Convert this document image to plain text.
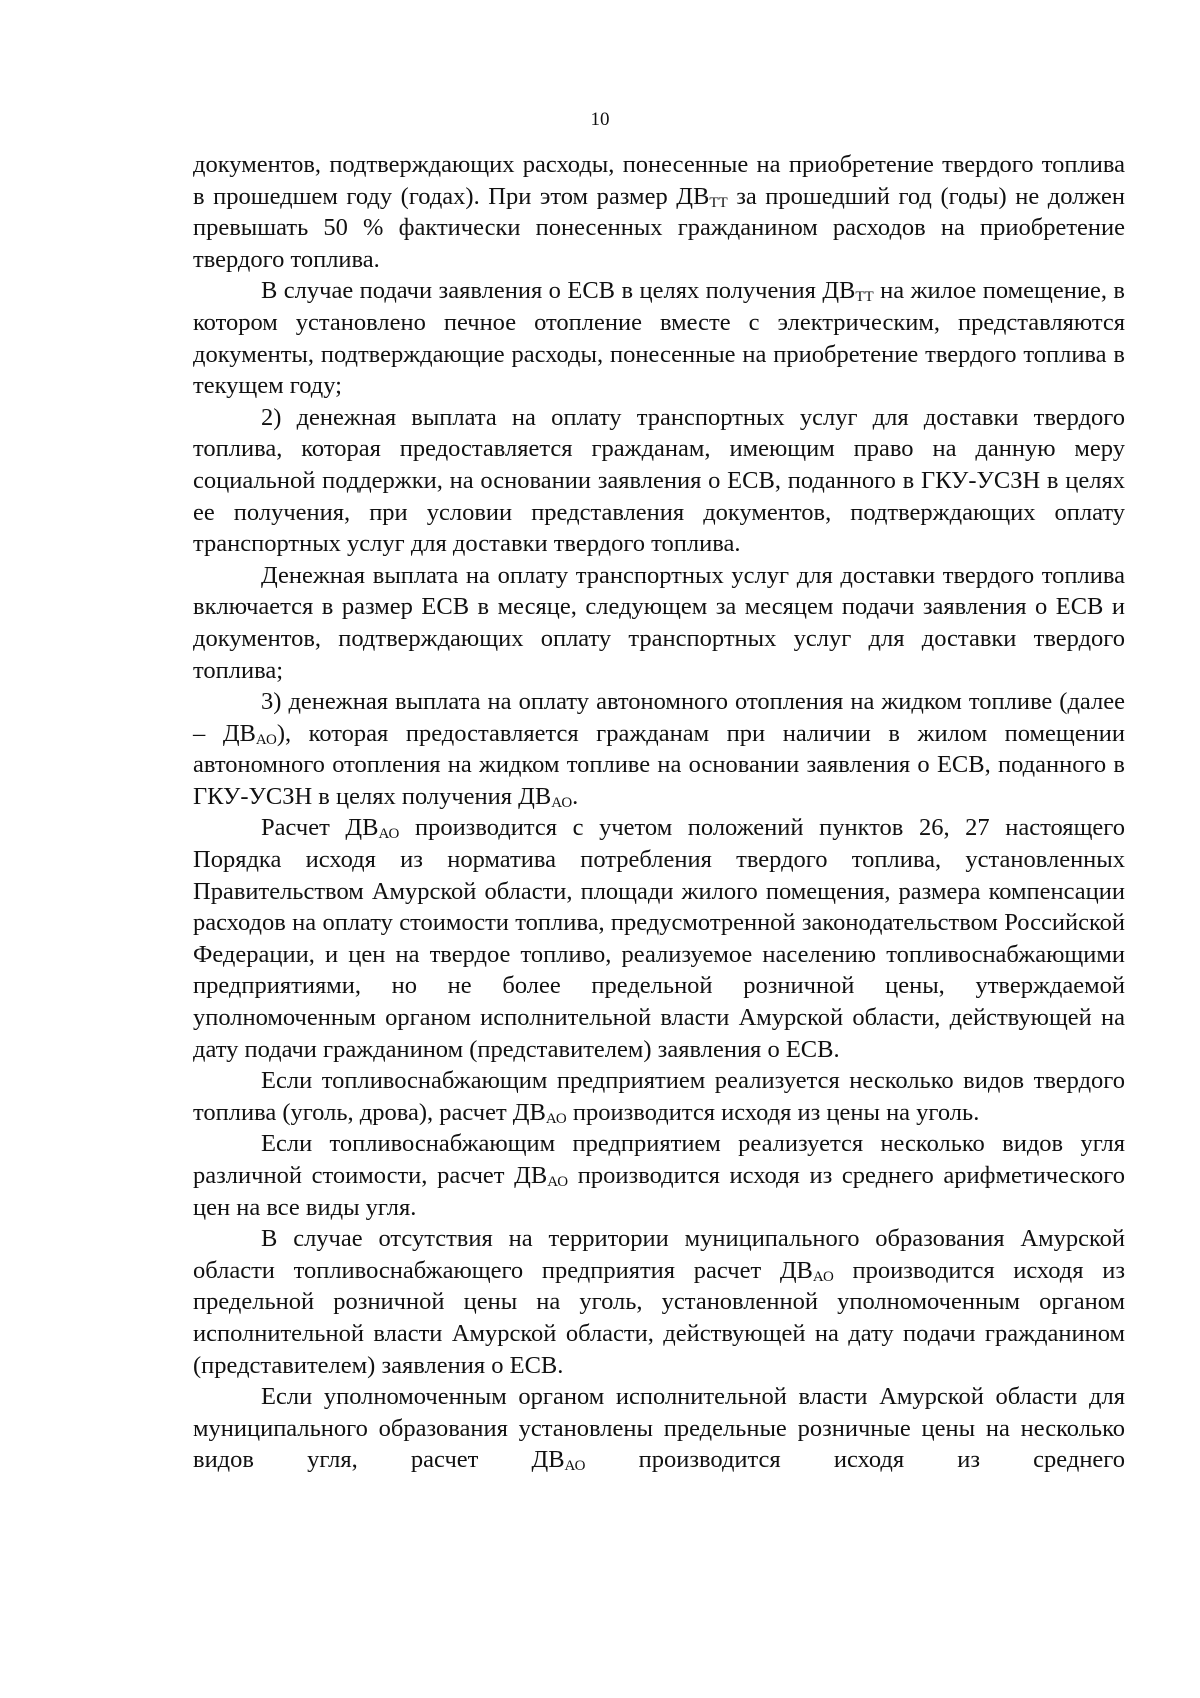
10

документов, подтверждающих расходы, понесенные на приобретение твердого топлива в прошедшем году (годах). При этом размер $ДВ_{ТТ}$ за прошедший год (годы) не должен превышать 50 % фактически понесенных гражданином расходов на приобретение твердого топлива.

В случае подачи заявления о ЕСВ в целях получения $ДВ_{ТТ}$ на жилое помещение, в котором установлено печное отопление вместе с электрическим, представляются документы, подтверждающие расходы, понесенные на приобретение твердого топлива в текущем году;

2) денежная выплата на оплату транспортных услуг для доставки твердого топлива, которая предоставляется гражданам, имеющим право на данную меру социальной поддержки, на основании заявления о ЕСВ, поданного в ГКУ-УСЗН в целях ее получения, при условии представления документов, подтверждающих оплату транспортных услуг для доставки твердого топлива.

Денежная выплата на оплату транспортных услуг для доставки твердого топлива включается в размер ЕСВ в месяце, следующем за месяцем подачи заявления о ЕСВ и документов, подтверждающих оплату транспортных услуг для доставки твердого топлива;

3) денежная выплата на оплату автономного отопления на жидком топливе (далее – $ДВ_{АО}$), которая предоставляется гражданам при наличии в жилом помещении автономного отопления на жидком топливе на основании заявления о ЕСВ, поданного в ГКУ-УСЗН в целях получения $ДВ_{АО}$.

Расчет $ДВ_{АО}$ производится с учетом положений пунктов 26, 27 настоящего Порядка исходя из норматива потребления твердого топлива, установленных Правительством Амурской области, площади жилого помещения, размера компенсации расходов на оплату стоимости топлива, предусмотренной законодательством Российской Федерации, и цен на твердое топливо, реализуемое населению топливоснабжающими предприятиями, но не более предельной розничной цены, утверждаемой уполномоченным органом исполнительной власти Амурской области, действующей на дату подачи гражданином (представителем) заявления о ЕСВ.

Если топливоснабжающим предприятием реализуется несколько видов твердого топлива (уголь, дрова), расчет $ДВ_{АО}$ производится исходя из цены на уголь.

Если топливоснабжающим предприятием реализуется несколько видов угля различной стоимости, расчет $ДВ_{АО}$ производится исходя из среднего арифметического цен на все виды угля.

В случае отсутствия на территории муниципального образования Амурской области топливоснабжающего предприятия расчет $ДВ_{АО}$ производится исходя из предельной розничной цены на уголь, установленной уполномоченным органом исполнительной власти Амурской области, действующей на дату подачи гражданином (представителем) заявления о ЕСВ.

Если уполномоченным органом исполнительной власти Амурской области для муниципального образования установлены предельные розничные цены на несколько видов угля, расчет $ДВ_{АО}$ производится исходя из среднего
